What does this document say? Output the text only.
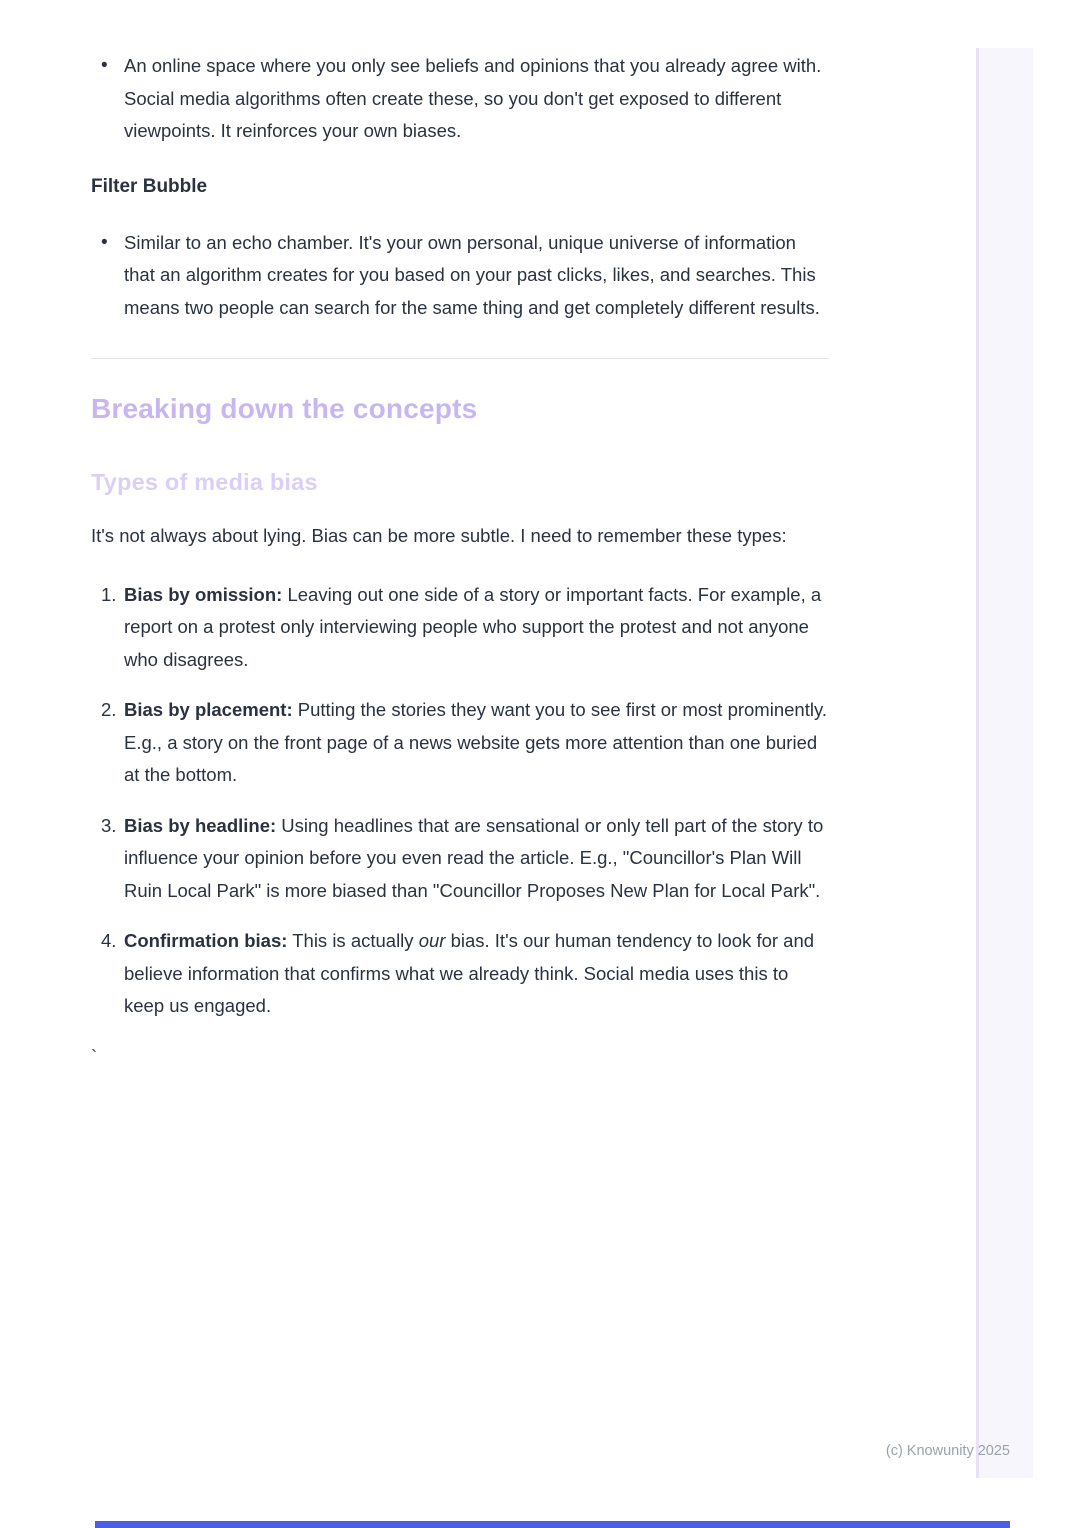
• An online space where you only see beliefs and opinions that you already agree with. Social media algorithms often create these, so you don't get exposed to different viewpoints. It reinforces your own biases.
Filter Bubble
• Similar to an echo chamber. It's your own personal, unique universe of information that an algorithm creates for you based on your past clicks, likes, and searches. This means two people can search for the same thing and get completely different results.
Breaking down the concepts
Types of media bias

It's not always about lying. Bias can be more subtle. I need to remember these types:

1. Bias by omission: Leaving out one side of a story or important facts. For example, a report on a protest only interviewing people who support the protest and not anyone who disagrees.
2. Bias by placement: Putting the stories they want you to see first or most prominently. E.g., a story on the front page of a news website gets more attention than one buried at the bottom.
3. Bias by headline: Using headlines that are sensational or only tell part of the story to influence your opinion before you even read the article. E.g., "Councillor's Plan Will Ruin Local Park" is more biased than "Councillor Proposes New Plan for Local Park".
4. Confirmation bias: This is actually our bias. It's our human tendency to look for and believe information that confirms what we already think. Social media uses this to keep us engaged.

`

(c) Knowunity 2025
